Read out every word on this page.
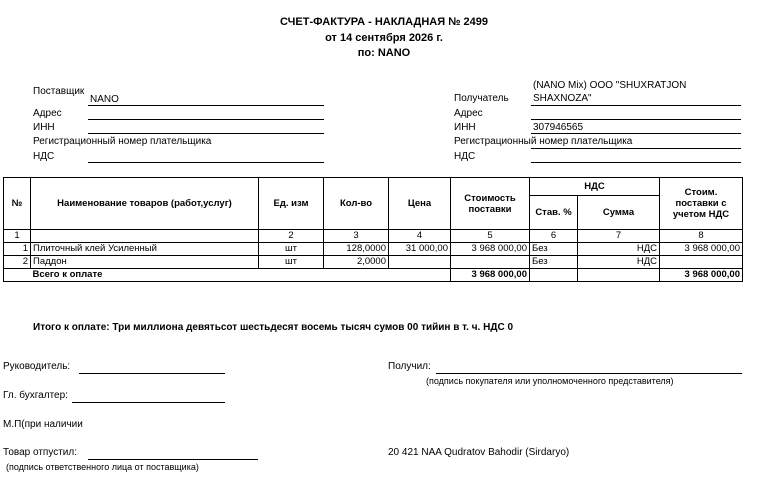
СЧЕТ-ФАКТУРА - НАКЛАДНАЯ № 2499
от 14 сентября 2026 г.
по: NANO
Поставщик
NANO
Адрес
ИНН
Регистрационный номер плательщика
НДС
(NANO Mix) OOO "SHUXRATJON
Получатель SHAXNOZA"
Адрес
ИНН	307946565
Регистрационный номер плательщика
НДС
№	Наименование товаров (работ,услуг)	Ед. изм	Кол-во	Цена	Стоимость поставки	НДС		Стоим. поставки с учетом НДС
						Став. %	Сумма	
1		2	3	4	5	6	7	8
1	Плиточный клей Усиленный	шт	128,0000	31 000,00	3 968 000,00	Без	НДС	3 968 000,00
2	Паддон	шт	2,0000			Без	НДС	
	Всего к оплате				3 968 000,00			3 968 000,00
Итого к оплате: Три миллиона девятьсот шестьдесят восемь тысяч сумов 00 тийин в т. ч. НДС 0
Руководитель:
Гл. бухгалтер:
М.П(при наличии
Товар отпустил:
(подпись ответственного лица от поставщика)
Получил:
(подпись покупателя или уполномоченного представителя)
20 421 NAA Qudratov Bahodir (Sirdaryo)
